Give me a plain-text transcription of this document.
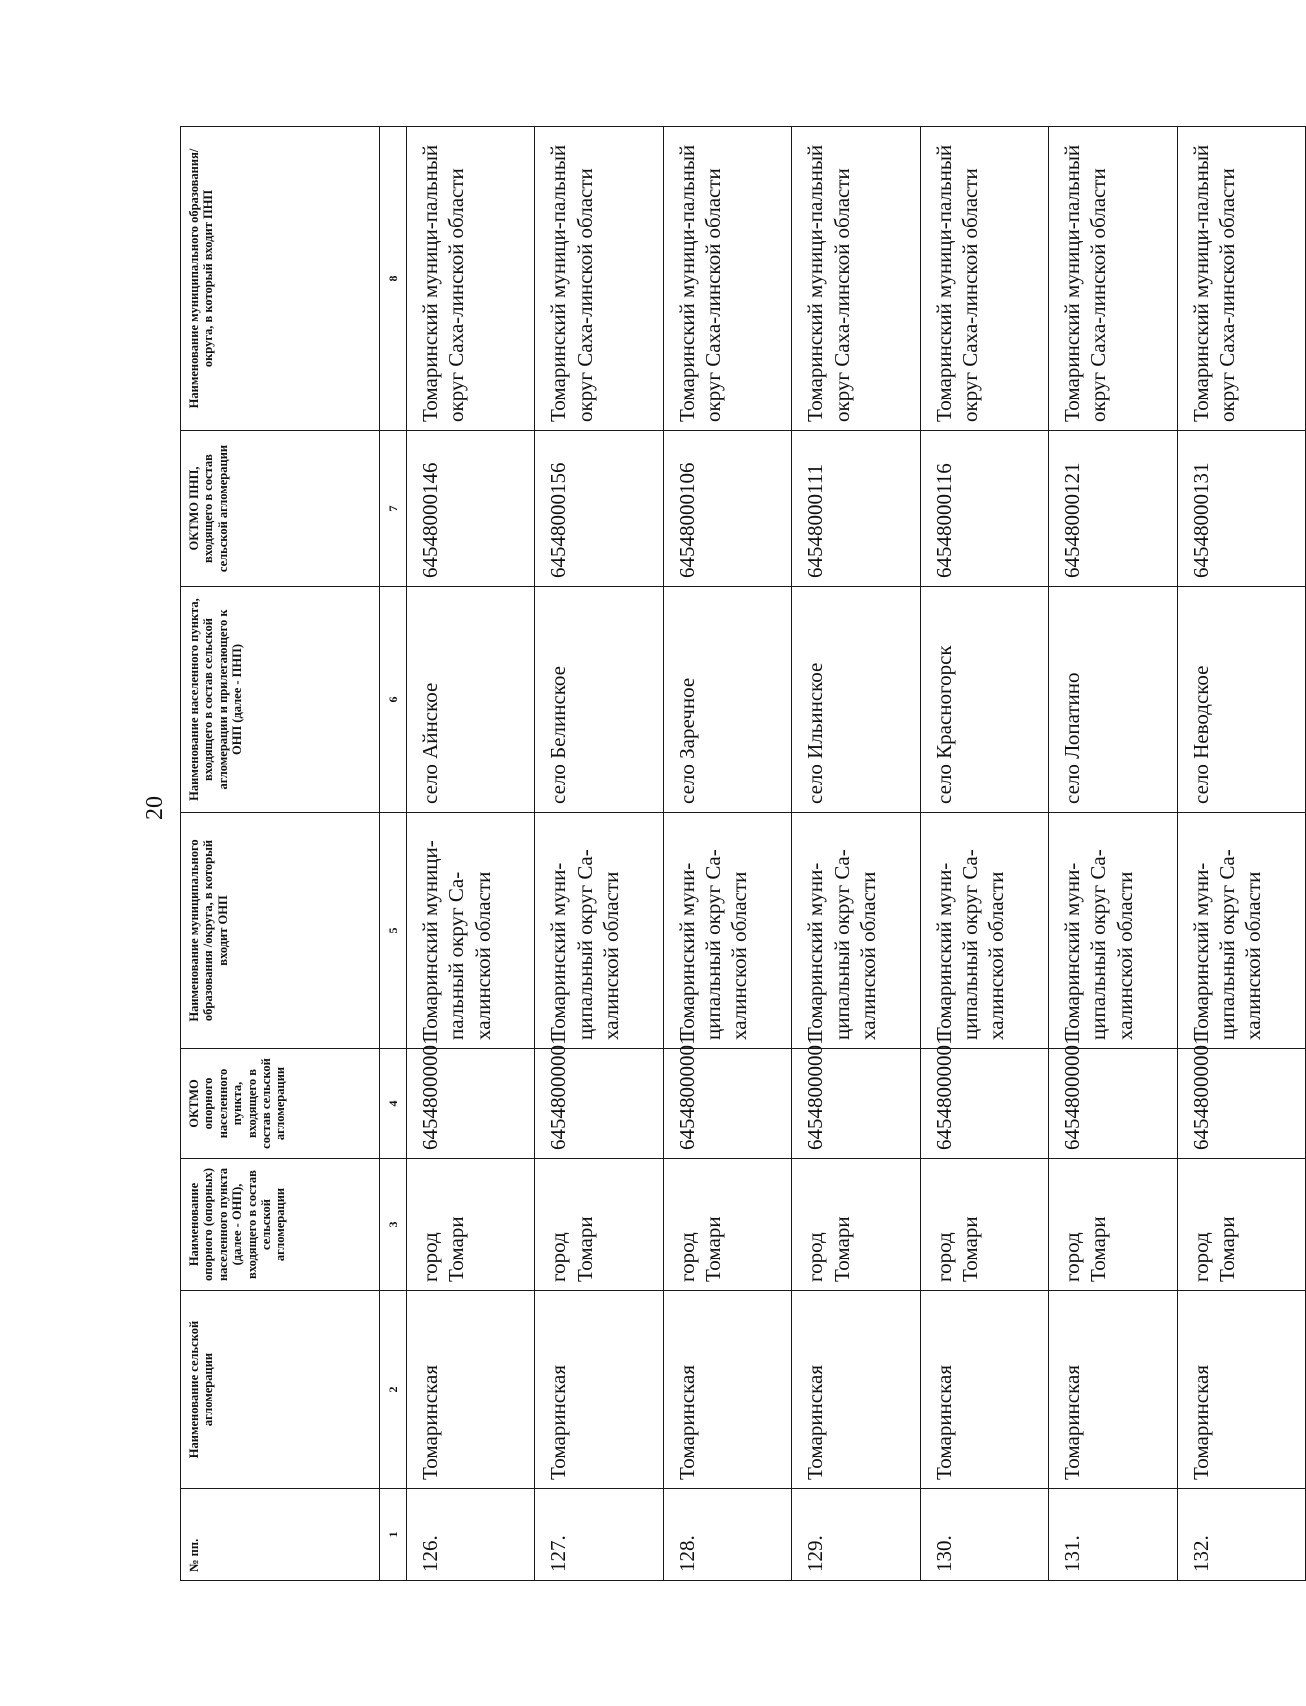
20
№ пп.	Наименование сельской агломерации	Наименование опорного (опорных) населенного пункта (далее - ОНП), входящего в состав сельской агломерации	ОКТМО опорного населенного пункта, входящего в состав сельской агломерации	Наименование муниципального образования /округа, в который входит ОНП	Наименование населенного пункта, входящего в состав сельской агломерации и прилегающего к ОНП (далее - ПНП)	ОКТМО ПНП, входящего в состав сельской агломерации	Наименование муниципального образования/округа, в который входит ПНП
1	2	3	4	5	6	7	8
126.	Томаринская	город Томари	64548000001	Томаринский муници-пальный округ Са-халинской области	село Айнское	64548000146	Томаринский муници-пальный округ Саха-линской области
127.	Томаринская	город Томари	64548000001	Томаринский муни-ципальный округ Са-халинской области	село Белинское	64548000156	Томаринский муници-пальный округ Саха-линской области
128.	Томаринская	город Томари	64548000001	Томаринский муни-ципальный округ Са-халинской области	село Заречное	64548000106	Томаринский муници-пальный округ Саха-линской области
129.	Томаринская	город Томари	64548000001	Томаринский муни-ципальный округ Са-халинской области	село Ильинское	64548000111	Томаринский муници-пальный округ Саха-линской области
130.	Томаринская	город Томари	64548000001	Томаринский муни-ципальный округ Са-халинской области	село Красногорск	64548000116	Томаринский муници-пальный округ Саха-линской области
131.	Томаринская	город Томари	64548000001	Томаринский муни-ципальный округ Са-халинской области	село Лопатино	64548000121	Томаринский муници-пальный округ Саха-линской области
132.	Томаринская	город Томари	64548000001	Томаринский муни-ципальный округ Са-халинской области	село Неводское	64548000131	Томаринский муници-пальный округ Саха-линской области
